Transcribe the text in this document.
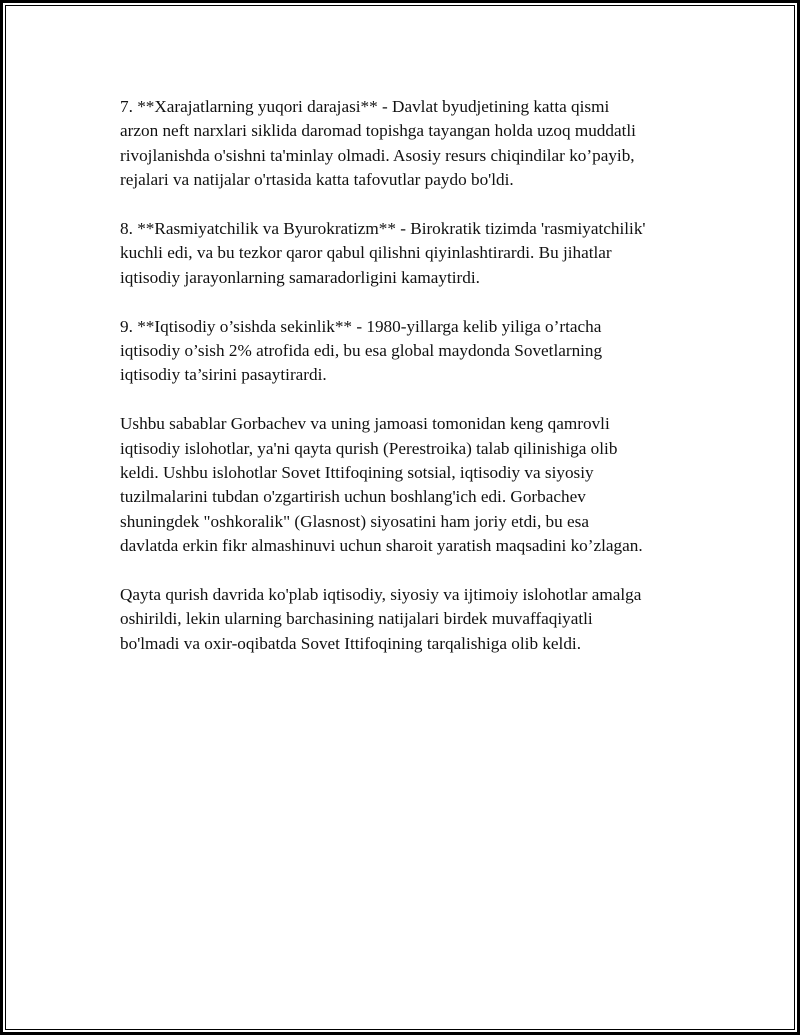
7. **Xarajatlarning yuqori darajasi** - Davlat byudjetining katta qismi
arzon neft narxlari siklida daromad topishga tayangan holda uzoq muddatli
rivojlanishda o'sishni ta'minlay olmadi. Asosiy resurs chiqindilar ko’payib,
rejalari va natijalar o'rtasida katta tafovutlar paydo bo'ldi.

8. **Rasmiyatchilik va Byurokratizm** - Birokratik tizimda 'rasmiyatchilik'
kuchli edi, va bu tezkor qaror qabul qilishni qiyinlashtirardi. Bu jihatlar
iqtisodiy jarayonlarning samaradorligini kamaytirdi.

9. **Iqtisodiy o’sishda sekinlik** - 1980-yillarga kelib yiliga o’rtacha
iqtisodiy o’sish 2% atrofida edi, bu esa global maydonda Sovetlarning
iqtisodiy ta’sirini pasaytirardi.

Ushbu sabablar Gorbachev va uning jamoasi tomonidan keng qamrovli
iqtisodiy islohotlar, ya'ni qayta qurish (Perestroika) talab qilinishiga olib
keldi. Ushbu islohotlar Sovet Ittifoqining sotsial, iqtisodiy va siyosiy
tuzilmalarini tubdan o'zgartirish uchun boshlang'ich edi. Gorbachev
shuningdek "oshkoralik" (Glasnost) siyosatini ham joriy etdi, bu esa
davlatda erkin fikr almashinuvi uchun sharoit yaratish maqsadini ko’zlagan.

Qayta qurish davrida ko'plab iqtisodiy, siyosiy va ijtimoiy islohotlar amalga
oshirildi, lekin ularning barchasining natijalari birdek muvaffaqiyatli
bo'lmadi va oxir-oqibatda Sovet Ittifoqining tarqalishiga olib keldi.
